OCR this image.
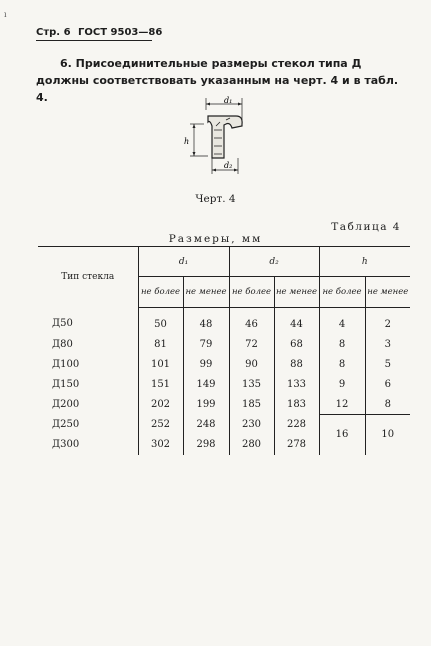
ı
Стр. 6 ГОСТ 9503—86
6. Присоединительные размеры стекол типа Д должны соответствовать указанным на черт. 4 и в табл. 4.	d₁
h
d₂
Черт. 4
Таблица 4
Размеры, мм
Тип стекла	d₁		d₂		h	
	не более	не менее	не более	не менее	не более	не менее
Д50	50	48	46	44	4	2
Д80	81	79	72	68	8	3
Д100	101	99	90	88	8	5
Д150	151	149	135	133	9	6
Д200	202	199	185	183	12	8
Д250	252	248	230	228	16	10
Д300	302	298	280	278		
